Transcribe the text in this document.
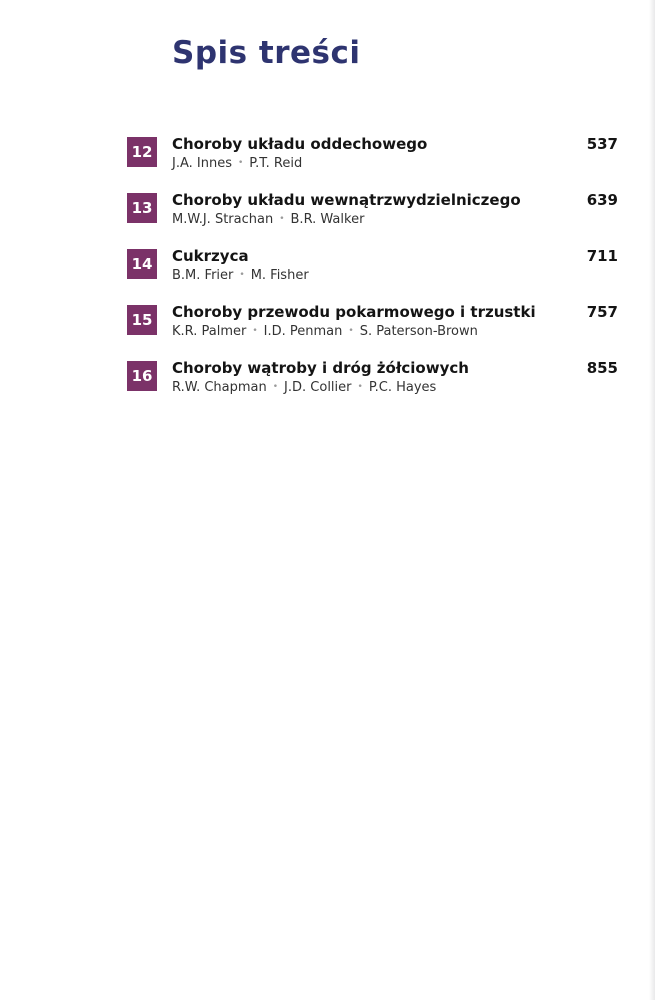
Spis treści
12	Choroby układu oddechowego
J.A. Innes • P.T. Reid
537
13	Choroby układu wewnątrzwydzielniczego
M.W.J. Strachan • B.R. Walker
639
14	Cukrzyca
B.M. Frier • M. Fisher
711
15	Choroby przewodu pokarmowego i trzustki
K.R. Palmer • I.D. Penman • S. Paterson-Brown
757
16	Choroby wątroby i dróg żółciowych
R.W. Chapman • J.D. Collier • P.C. Hayes
855
